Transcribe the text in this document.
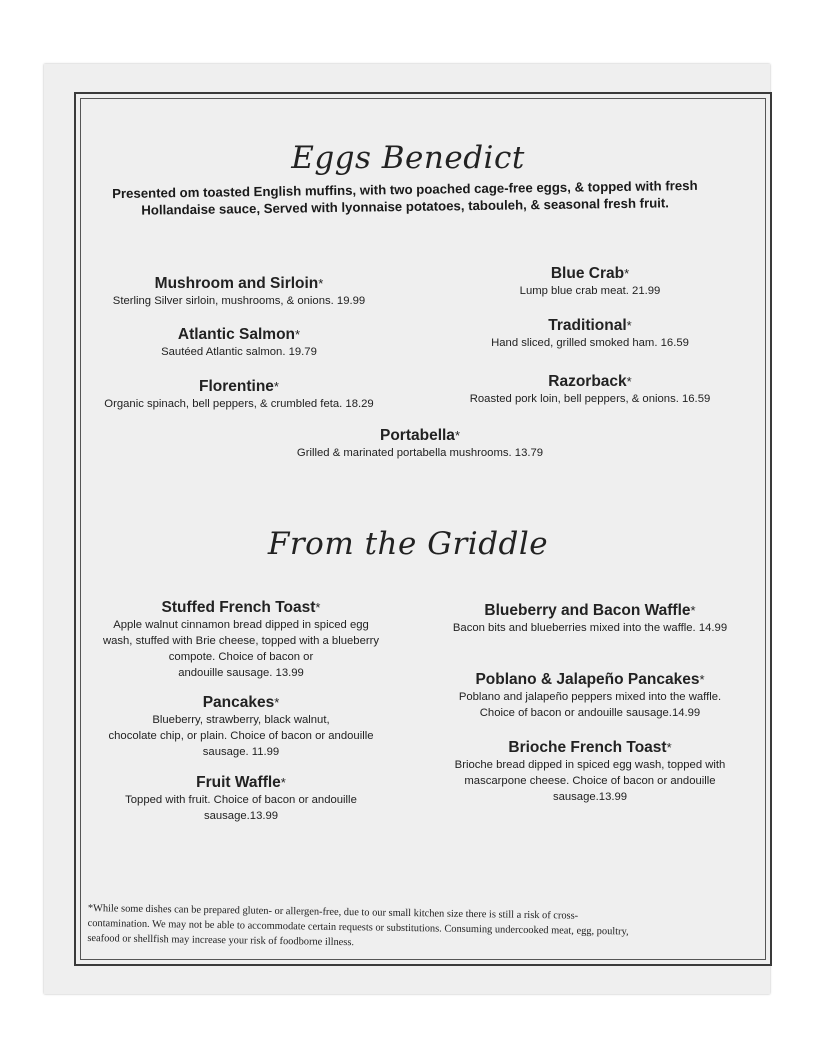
Eggs Benedict
Presented om toasted English muffins, with two poached cage-free eggs, & topped with fresh Hollandaise sauce, Served with lyonnaise potatoes, tabouleh, & seasonal fresh fruit.
Mushroom and Sirloin*
Sterling Silver sirloin, mushrooms, & onions. 19.99
Atlantic Salmon*
Sautéed Atlantic salmon. 19.79
Florentine*
Organic spinach, bell peppers, & crumbled feta. 18.29
Blue Crab*
Lump blue crab meat. 21.99
Traditional*
Hand sliced, grilled smoked ham. 16.59
Razorback*
Roasted pork loin, bell peppers, & onions. 16.59
Portabella*
Grilled & marinated portabella mushrooms. 13.79
From the Griddle
Stuffed French Toast*
Apple walnut cinnamon bread dipped in spiced egg
wash, stuffed with Brie cheese, topped with a blueberry
compote. Choice of bacon or
andouille sausage. 13.99
Pancakes*
Blueberry, strawberry, black walnut,
chocolate chip, or plain. Choice of bacon or andouille
sausage. 11.99
Fruit Waffle*
Topped with fruit. Choice of bacon or andouille
sausage.13.99
Blueberry and Bacon Waffle*
Bacon bits and blueberries mixed into the waffle. 14.99
Poblano & Jalapeño Pancakes*
Poblano and jalapeño peppers mixed into the waffle.
Choice of bacon or andouille sausage.14.99
Brioche French Toast*
Brioche bread dipped in spiced egg wash, topped with
mascarpone cheese. Choice of bacon or andouille
sausage.13.99
*While some dishes can be prepared gluten- or allergen-free, due to our small kitchen size there is still a risk of cross-
contamination. We may not be able to accommodate certain requests or substitutions. Consuming undercooked meat, egg, poultry,
seafood or shellfish may increase your risk of foodborne illness.
